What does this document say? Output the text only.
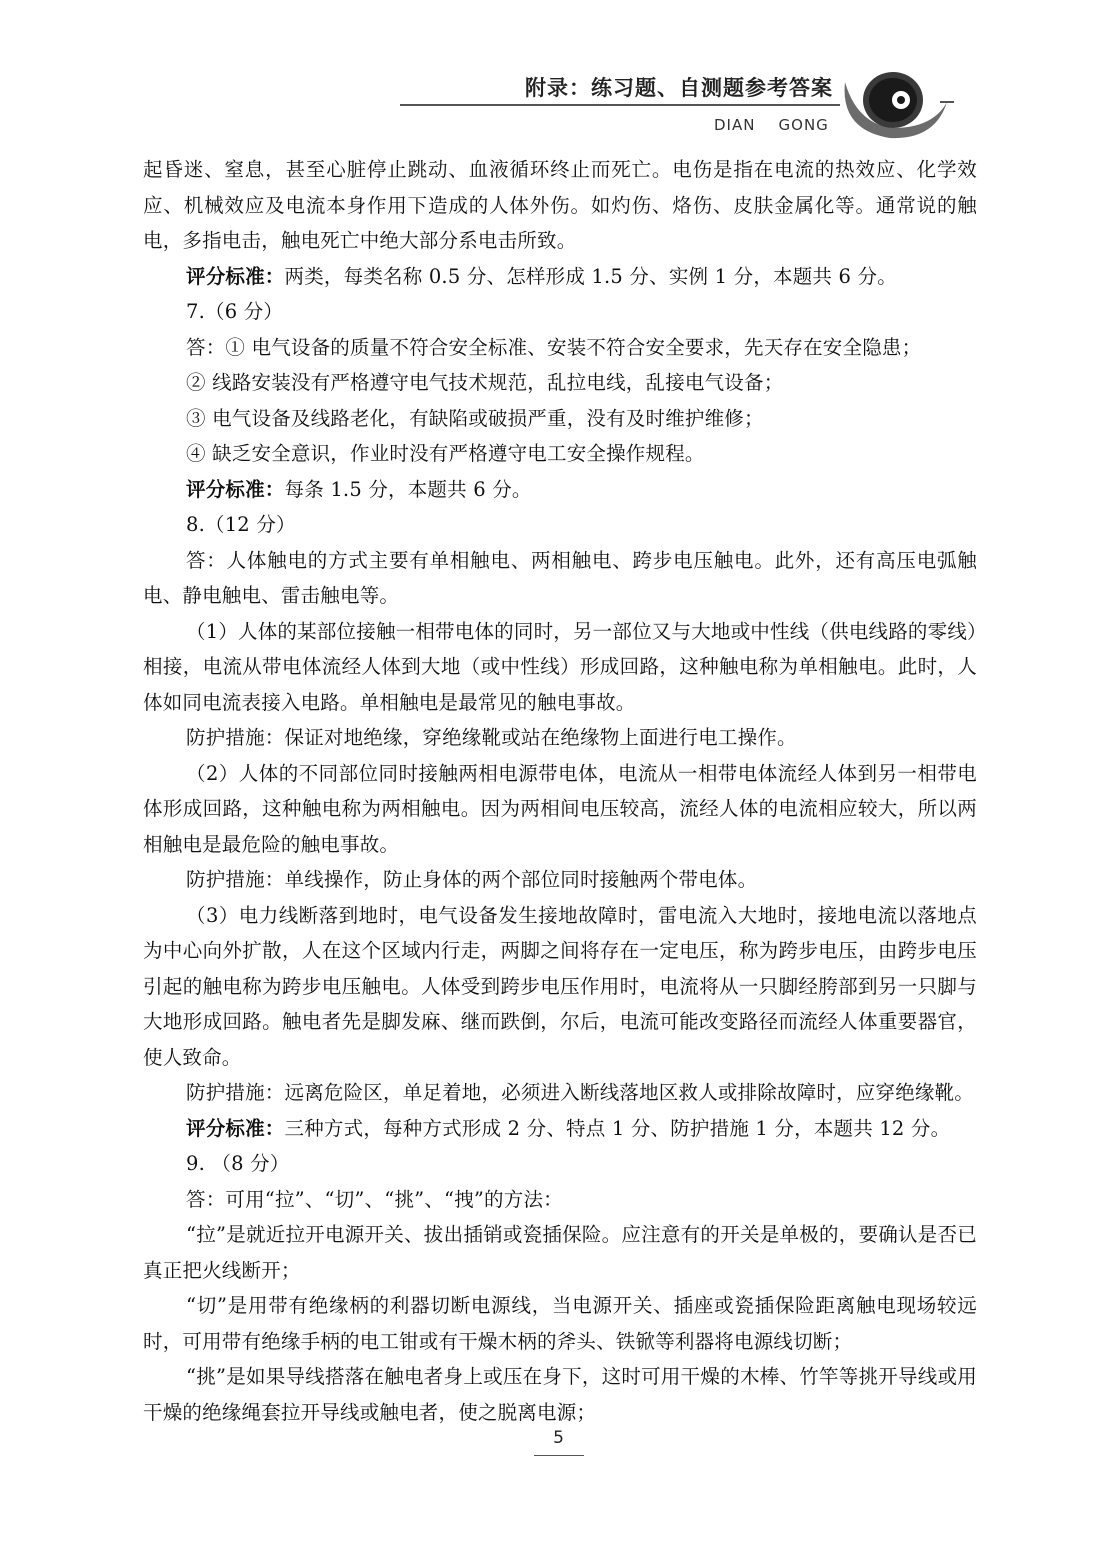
附录：练习题、自测题参考答案
DIAN    GONG

起昏迷、窒息，甚至心脏停止跳动、血液循环终止而死亡。电伤是指在电流的热效应、化学效应、机械效应及电流本身作用下造成的人体外伤。如灼伤、烙伤、皮肤金属化等。通常说的触电，多指电击，触电死亡中绝大部分系电击所致。

评分标准：两类，每类名称 0.5 分、怎样形成 1.5 分、实例 1 分，本题共 6 分。

7.（6 分）

答：① 电气设备的质量不符合安全标准、安装不符合安全要求，先天存在安全隐患；

② 线路安装没有严格遵守电气技术规范，乱拉电线，乱接电气设备；

③ 电气设备及线路老化，有缺陷或破损严重，没有及时维护维修；

④ 缺乏安全意识，作业时没有严格遵守电工安全操作规程。

评分标准：每条 1.5 分，本题共 6 分。

8.（12 分）

答：人体触电的方式主要有单相触电、两相触电、跨步电压触电。此外，还有高压电弧触电、静电触电、雷击触电等。

（1）人体的某部位接触一相带电体的同时，另一部位又与大地或中性线（供电线路的零线）相接，电流从带电体流经人体到大地（或中性线）形成回路，这种触电称为单相触电。此时，人体如同电流表接入电路。单相触电是最常见的触电事故。

防护措施：保证对地绝缘，穿绝缘靴或站在绝缘物上面进行电工操作。

（2）人体的不同部位同时接触两相电源带电体，电流从一相带电体流经人体到另一相带电体形成回路，这种触电称为两相触电。因为两相间电压较高，流经人体的电流相应较大，所以两相触电是最危险的触电事故。

防护措施：单线操作，防止身体的两个部位同时接触两个带电体。

（3）电力线断落到地时，电气设备发生接地故障时，雷电流入大地时，接地电流以落地点为中心向外扩散，人在这个区域内行走，两脚之间将存在一定电压，称为跨步电压，由跨步电压引起的触电称为跨步电压触电。人体受到跨步电压作用时，电流将从一只脚经胯部到另一只脚与大地形成回路。触电者先是脚发麻、继而跌倒，尔后，电流可能改变路径而流经人体重要器官，使人致命。

防护措施：远离危险区，单足着地，必须进入断线落地区救人或排除故障时，应穿绝缘靴。

评分标准：三种方式，每种方式形成 2 分、特点 1 分、防护措施 1 分，本题共 12 分。

9. （8 分）

答：可用“拉”、“切”、“挑”、“拽”的方法：

“拉”是就近拉开电源开关、拔出插销或瓷插保险。应注意有的开关是单极的，要确认是否已真正把火线断开；

“切”是用带有绝缘柄的利器切断电源线，当电源开关、插座或瓷插保险距离触电现场较远时，可用带有绝缘手柄的电工钳或有干燥木柄的斧头、铁锨等利器将电源线切断；

“挑”是如果导线搭落在触电者身上或压在身下，这时可用干燥的木棒、竹竿等挑开导线或用干燥的绝缘绳套拉开导线或触电者，使之脱离电源；

5
